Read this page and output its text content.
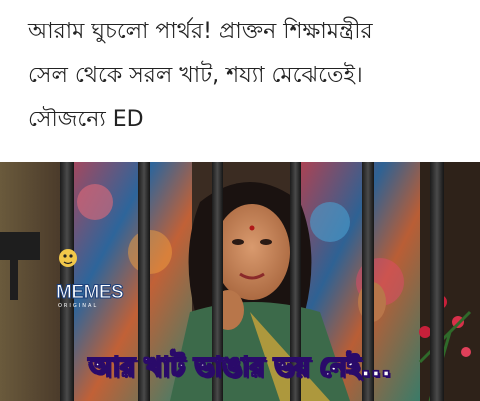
আরাম ঘুচলো পার্থর! প্রাক্তন শিক্ষামন্ত্রীর
সেল থেকে সরল খাট, শয্যা মেঝেতেই।
সৌজন্যে ED
MEMES
ORIGINAL
আর খাট ভাঙার ভয় নেই...
